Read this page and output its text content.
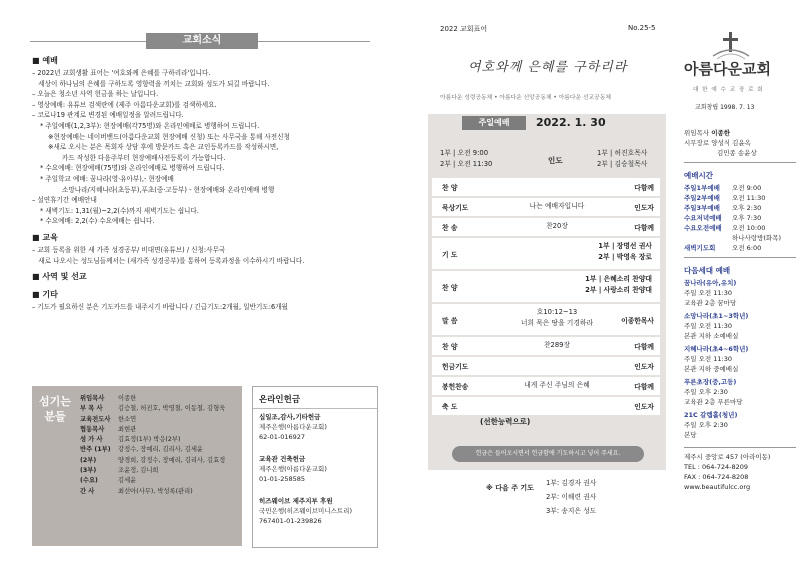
교회소식
■ 예배
– 2022년 교회생활 표어는 '여호와께 은혜를 구하리라'입니다.
세상이 하나님의 은혜를 구하도록 영향력을 끼치는 교회와 성도가 되길 바랍니다.
– 오늘은 청소년 사역 헌금을 하는 날입니다.
– 영상예배: 유튜브 검색란에 (제주 아름다운교회)를 검색하세요.
– 코로나19 관계로 변경된 예배일정을 알려드립니다.
* 주일예배(1,2,3부): 현장예배(각75명)와 온라인예배로 병행하여 드립니다.
※현장예배는 네이버밴드(아름다운교회 현장예배 신청) 또는 사무국을 통해 사전신청
※새로 오시는 분은 목회자 상담 후에 방문카드 혹은 교인등록카드를 작성하시면,
카드 작성한 다음주부터 현장예배사전등록이 가능합니다.
* 수요예배: 현장예배(75명)와 온라인예배로 병행하여 드립니다.
* 주일학교 예배: 꿈나라(영·유아부),- 현장예배
소망나라/지혜나라(초등부),푸초(중·고등부) - 현장예배와 온라인예배 병행
– 설연휴기간 예배안내
* 새벽기도: 1,31(월)~2,2(수)까지 새벽기도는 쉽니다.
* 수요예배: 2,2(수) 수요예배는 쉽니다.
■ 교육
– 교회 등록을 위한 새 가족 성경공부/ 비대면(유튜브) / 신청:사무국
새로 나오시는 성도님들께서는 (새가족 성경공부)를 통하여 등록과정을 이수하시기 바랍니다.
■ 사역 및 선교
■ 기타
– 기도가 필요하신 분은 기도카드를 내주시기 바랍니다 / 긴급기도:2개월, 일반기도:6개월
섬기는 분들
위임목사 이종한
부 목 사 김승철, 허진호, 박영철, 이동철, 김형욱
교육전도사 한소연
협동목사 최현관
성 가 사 김효정(1부) 박응(2부)
반주 (1부) 강정수, 장예리, 김리사, 김세윤
(2부)	양경희, 강정수, 장예리, 김리사, 김효정
(3부)	조윤정, 김니희
(수요)	김세윤
간 사	최선아(사무), 박성록(관리)
온라인헌금
십일조,감사,기타헌금
제주은행(아름다운교회)
62-01-016927
교육관 건축헌금
제주은행(아름다운교회)
01-01-258585
히즈웨이브 제주지부 후원
국민은행(히즈웨이브미니스트리)
767401-01-239826
2022 교회표어	No.25-5
여호와께 은혜를 구하리라
아름다운 성령공동체 • 아름다운 신앙공동체 • 아름다운 선교공동체
주일예배	2022. 1. 30
1부 | 오전 9:00
2부 | 오전 11:30	인도
1부 | 허진호목사
2부 | 김승철목사
찬 양	다함께
묵상기도	나는 예배자입니다	인도자
찬 송	찬20장	다함께
기 도
1부 | 장명선 권사
2부 | 박영옥 장로
찬 양
1부 | 은혜소리 찬양대
2부 | 사랑소리 찬양대
말 씀
호10:12~13
너희 묵은 땅을 기경하라	이종한목사
찬 양	찬289장	다함께
헌금기도	인도자
봉헌찬송	내게 주신 주님의 은혜	다함께
축 도	인도자
(선한능력으로)
헌금은 들어오시면서 헌금함에 기도하시고 넣어 주세요.
※ 다음 주 기도
1부: 김경자 권사
2부: 이해련 권사
3부: 송지은 성도
아름다운교회
대 한 예 수 교 장 로 회
교회창립 1998. 7. 13
위임목사 이종한
시무장로 양성식 김윤옥
김민종 송윤상
예배시간
주일1부예배 오전 9:00
주일2부예배 오전 11:30
주일3부예배 오후 2:30
수요저녁예배 오후 7:30
수요오전예배 오전 10:00
하나사랑방(화목)
새벽기도회	오전 6:00
다음세대 예배
꿈나라(유아,유치)
주일 오전 11:30
교육관 2층 꿈마당
소망나라(초1~3학년)
주일 오전 11:30
본관 지하 소예배실
지혜나라(초4~6학년)
주일 오전 11:30
본관 지하 중예배실
푸른초장(중,고등)
주일 오후 2:30
교육관 2층 푸른마당
21C 갈렙홀(청년)
주일 오후 2:30
본당
제주시 중앙로 457 (아라이동)
TEL : 064-724-8209
FAX : 064-724-8208
www.beautifulcc.org
